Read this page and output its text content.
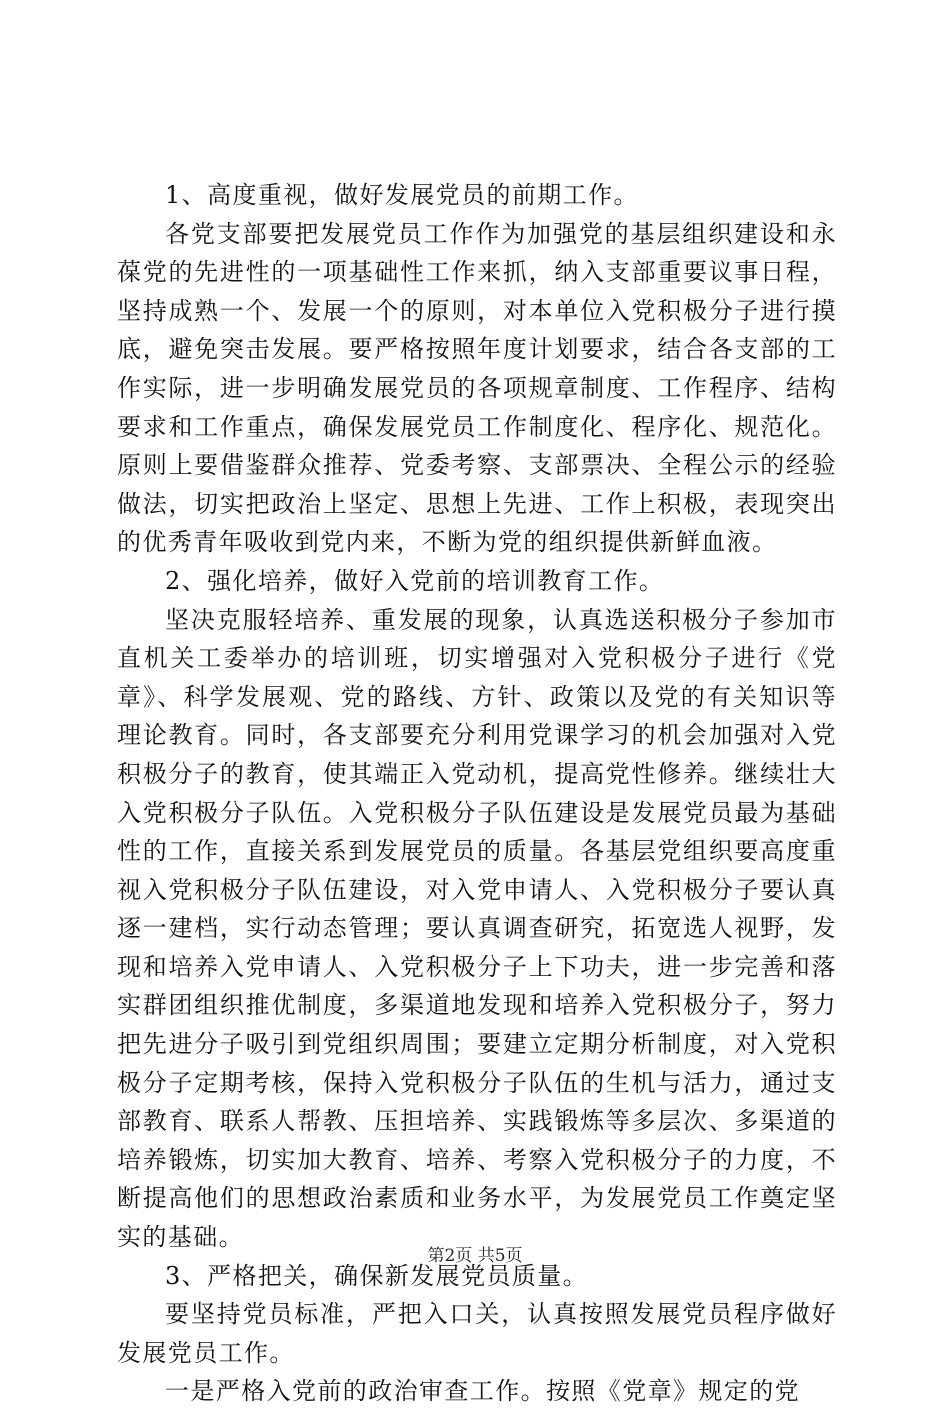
1、高度重视，做好发展党员的前期工作。

各党支部要把发展党员工作作为加强党的基层组织建设和永葆党的先进性的一项基础性工作来抓，纳入支部重要议事日程，坚持成熟一个、发展一个的原则，对本单位入党积极分子进行摸底，避免突击发展。要严格按照年度计划要求，结合各支部的工作实际，进一步明确发展党员的各项规章制度、工作程序、结构要求和工作重点，确保发展党员工作制度化、程序化、规范化。原则上要借鉴群众推荐、党委考察、支部票决、全程公示的经验做法，切实把政治上坚定、思想上先进、工作上积极，表现突出的优秀青年吸收到党内来，不断为党的组织提供新鲜血液。

2、强化培养，做好入党前的培训教育工作。

坚决克服轻培养、重发展的现象，认真选送积极分子参加市直机关工委举办的培训班，切实增强对入党积极分子进行《党章》、科学发展观、党的路线、方针、政策以及党的有关知识等理论教育。同时，各支部要充分利用党课学习的机会加强对入党积极分子的教育，使其端正入党动机，提高党性修养。继续壮大入党积极分子队伍。入党积极分子队伍建设是发展党员最为基础性的工作，直接关系到发展党员的质量。各基层党组织要高度重视入党积极分子队伍建设，对入党申请人、入党积极分子要认真逐一建档，实行动态管理；要认真调查研究，拓宽选人视野，发现和培养入党申请人、入党积极分子上下功夫，进一步完善和落实群团组织推优制度，多渠道地发现和培养入党积极分子，努力把先进分子吸引到党组织周围；要建立定期分析制度，对入党积极分子定期考核，保持入党积极分子队伍的生机与活力，通过支部教育、联系人帮教、压担培养、实践锻炼等多层次、多渠道的培养锻炼，切实加大教育、培养、考察入党积极分子的力度，不断提高他们的思想政治素质和业务水平，为发展党员工作奠定坚实的基础。

3、严格把关，确保新发展党员质量。

要坚持党员标准，严把入口关，认真按照发展党员程序做好发展党员工作。

一是严格入党前的政治审查工作。按照《党章》规定的党

第2页 共5页
